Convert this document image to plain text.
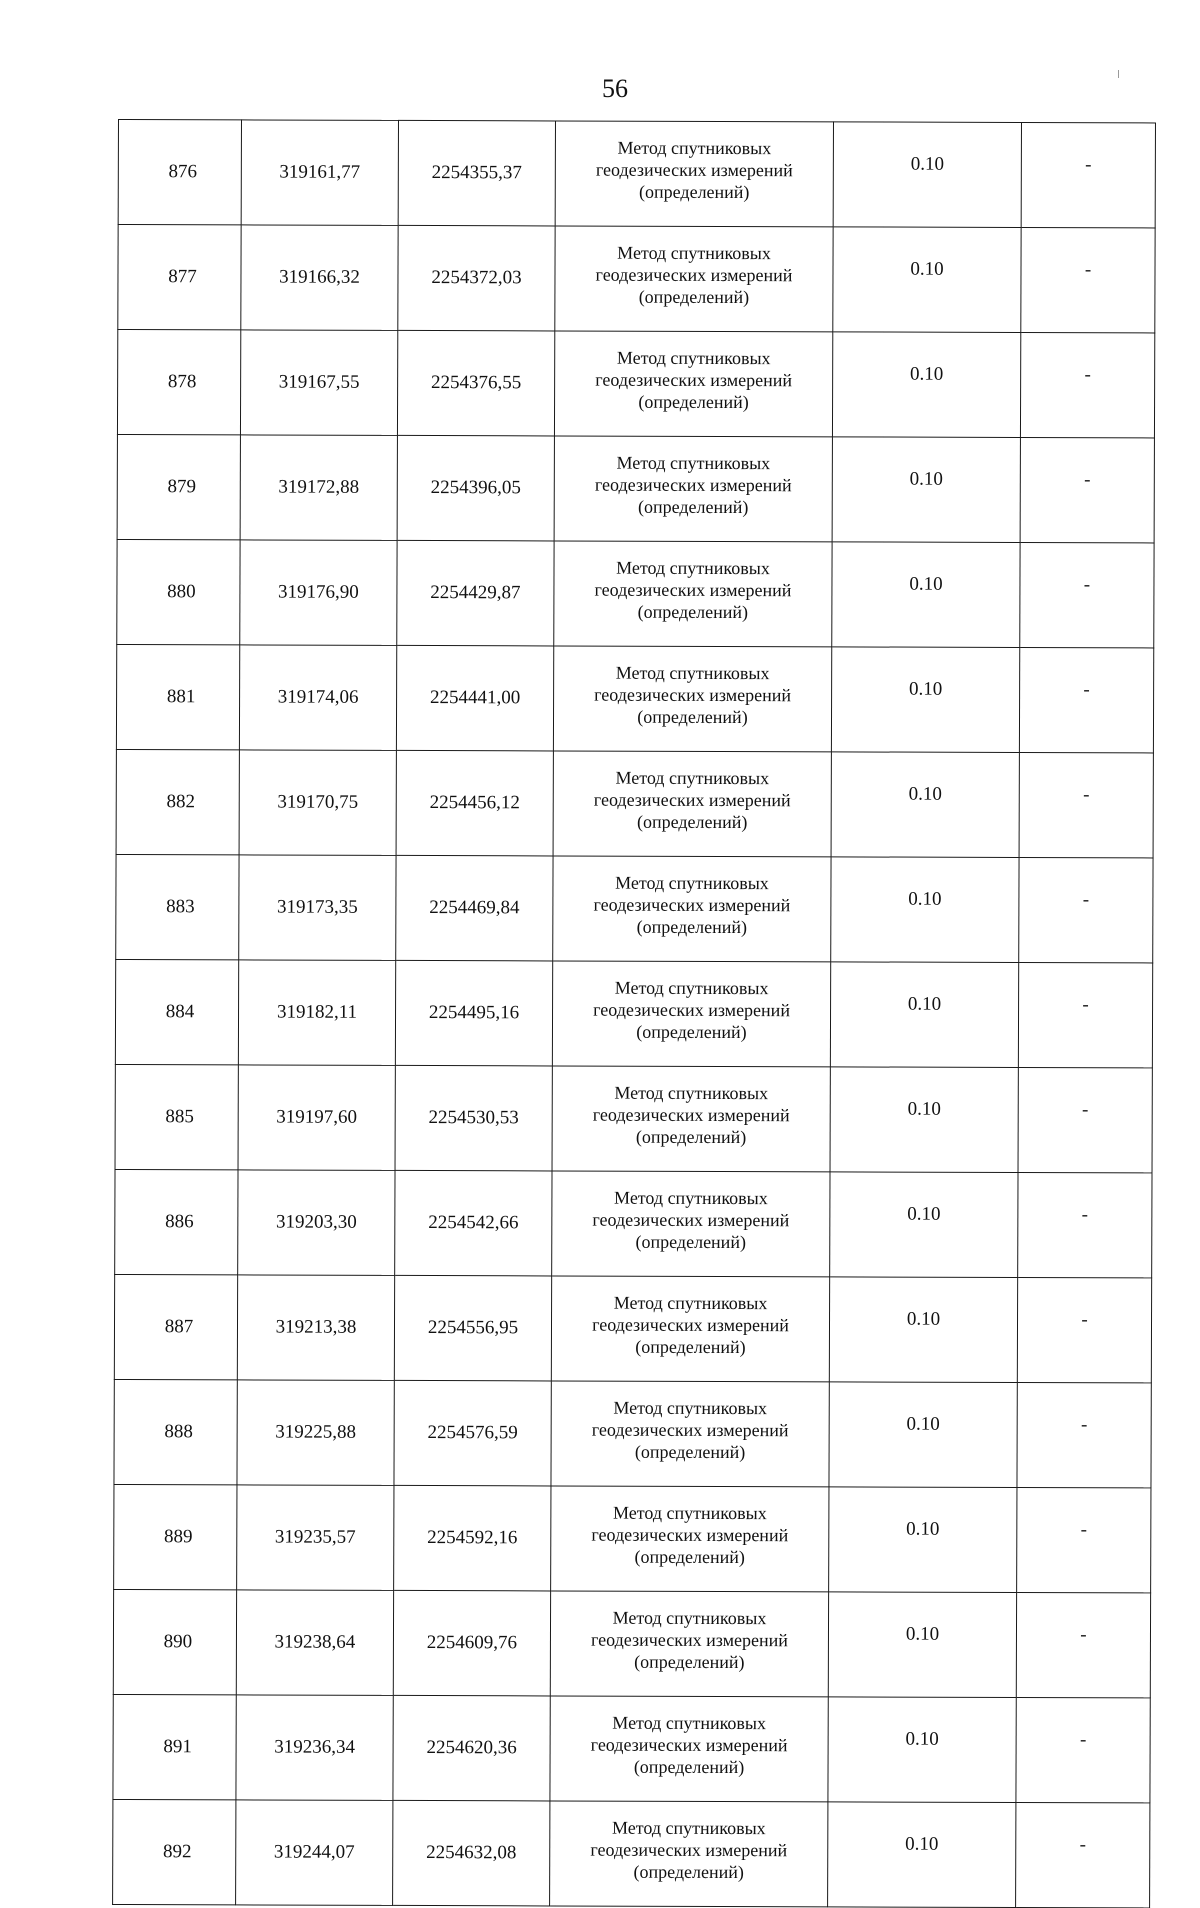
56
876	319161,77	2254355,37	Метод спутниковых
геодезических измерений
(определений)	0.10	-
877	319166,32	2254372,03	Метод спутниковых
геодезических измерений
(определений)	0.10	-
878	319167,55	2254376,55	Метод спутниковых
геодезических измерений
(определений)	0.10	-
879	319172,88	2254396,05	Метод спутниковых
геодезических измерений
(определений)	0.10	-
880	319176,90	2254429,87	Метод спутниковых
геодезических измерений
(определений)	0.10	-
881	319174,06	2254441,00	Метод спутниковых
геодезических измерений
(определений)	0.10	-
882	319170,75	2254456,12	Метод спутниковых
геодезических измерений
(определений)	0.10	-
883	319173,35	2254469,84	Метод спутниковых
геодезических измерений
(определений)	0.10	-
884	319182,11	2254495,16	Метод спутниковых
геодезических измерений
(определений)	0.10	-
885	319197,60	2254530,53	Метод спутниковых
геодезических измерений
(определений)	0.10	-
886	319203,30	2254542,66	Метод спутниковых
геодезических измерений
(определений)	0.10	-
887	319213,38	2254556,95	Метод спутниковых
геодезических измерений
(определений)	0.10	-
888	319225,88	2254576,59	Метод спутниковых
геодезических измерений
(определений)	0.10	-
889	319235,57	2254592,16	Метод спутниковых
геодезических измерений
(определений)	0.10	-
890	319238,64	2254609,76	Метод спутниковых
геодезических измерений
(определений)	0.10	-
891	319236,34	2254620,36	Метод спутниковых
геодезических измерений
(определений)	0.10	-
892	319244,07	2254632,08	Метод спутниковых
геодезических измерений
(определений)	0.10	-
